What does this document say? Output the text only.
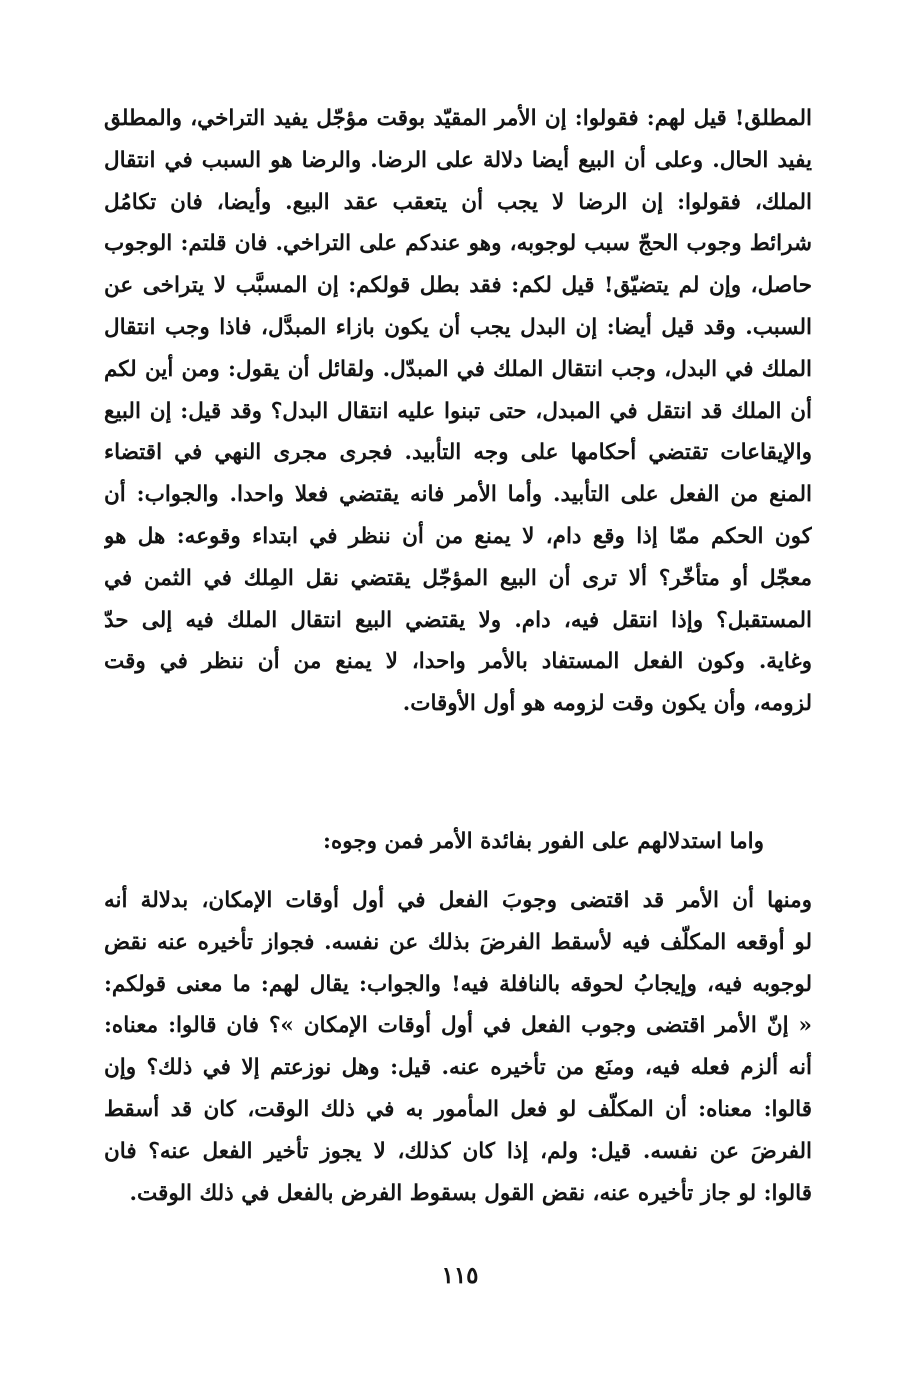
المطلق! قيل لهم: فقولوا: إن الأمر المقيّد بوقت مؤجّل يفيد التراخي، والمطلق
يفيد الحال. وعلى أن البيع أيضا دلالة على الرضا. والرضا هو السبب في انتقال
الملك، فقولوا: إن الرضا لا يجب أن يتعقب عقد البيع. وأيضا، فان تكامُل
شرائط وجوب الحجّ سبب لوجوبه، وهو عندكم على التراخي. فان قلتم: الوجوب
حاصل، وإن لم يتضيّق! قيل لكم: فقد بطل قولكم: إن المسبَّب لا يتراخى عن
السبب. وقد قيل أيضا: إن البدل يجب أن يكون بازاء المبدَّل، فاذا وجب انتقال
الملك في البدل، وجب انتقال الملك في المبدّل. ولقائل أن يقول: ومن أين لكم
أن الملك قد انتقل في المبدل، حتى تبنوا عليه انتقال البدل؟ وقد قيل: إن البيع
والإيقاعات تقتضي أحكامها على وجه التأبيد. فجرى مجرى النهي في اقتضاء
المنع من الفعل على التأبيد. وأما الأمر فانه يقتضي فعلا واحدا. والجواب: أن
كون الحكم ممّا إذا وقع دام، لا يمنع من أن ننظر في ابتداء وقوعه: هل هو
معجّل أو متأخّر؟ ألا ترى أن البيع المؤجّل يقتضي نقل المِلك في الثمن في
المستقبل؟ وإذا انتقل فيه، دام. ولا يقتضي البيع انتقال الملك فيه إلى حدّ
وغاية. وكون الفعل المستفاد بالأمر واحدا، لا يمنع من أن ننظر في وقت
لزومه، وأن يكون وقت لزومه هو أول الأوقات.
واما استدلالهم على الفور بفائدة الأمر فمن وجوه:
ومنها أن الأمر قد اقتضى وجوبَ الفعل في أول أوقات الإمكان، بدلالة أنه
لو أوقعه المكلّف فيه لأسقط الفرضَ بذلك عن نفسه. فجواز تأخيره عنه نقض
لوجوبه فيه، وإيجابُ لحوقه بالنافلة فيه! والجواب: يقال لهم: ما معنى قولكم:
« إنّ الأمر اقتضى وجوب الفعل في أول أوقات الإمكان »؟ فان قالوا: معناه:
أنه ألزم فعله فيه، ومنَع من تأخيره عنه. قيل: وهل نوزعتم إلا في ذلك؟ وإن
قالوا: معناه: أن المكلّف لو فعل المأمور به في ذلك الوقت، كان قد أسقط
الفرضَ عن نفسه. قيل: ولم، إذا كان كذلك، لا يجوز تأخير الفعل عنه؟ فان
قالوا: لو جاز تأخيره عنه، نقض القول بسقوط الفرض بالفعل في ذلك الوقت.
١١٥
